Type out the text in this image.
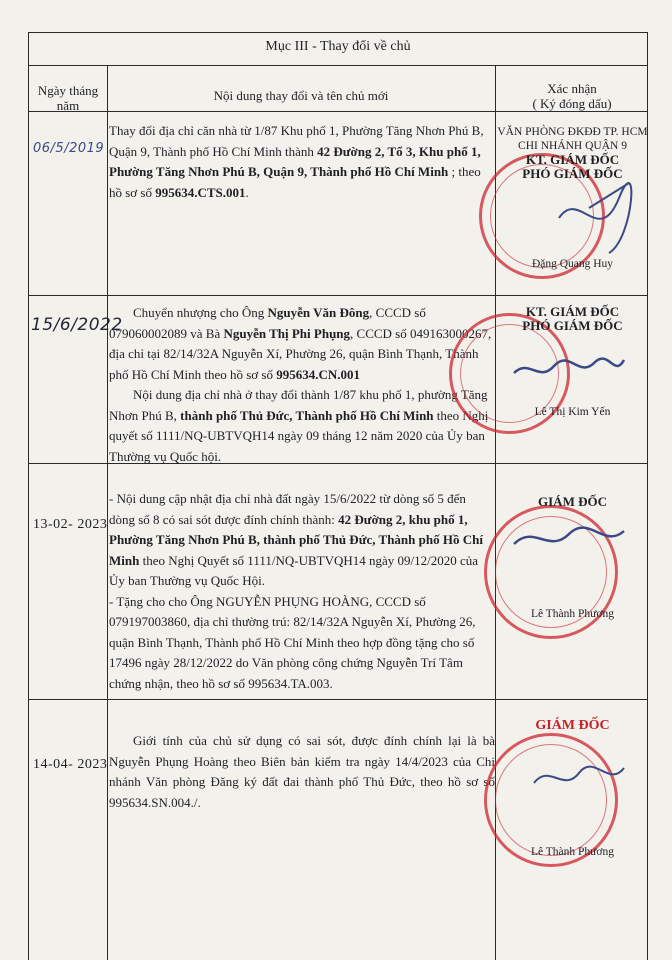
Mục III - Thay đổi về chủ
Ngày tháng
năm
Nội dung thay đổi và tên chủ mới	Xác nhận
( Ký đóng dấu)
06/5/2019

Thay đổi địa chỉ căn nhà từ 1/87 Khu phố 1, Phường Tăng Nhơn Phú B, Quận 9, Thành phố Hồ Chí Minh thành 42 Đường 2, Tổ 3, Khu phố 1, Phường Tăng Nhơn Phú B, Quận 9, Thành phố Hồ Chí Minh ; theo hồ sơ số 995634.CTS.001.

VĂN PHÒNG ĐKĐĐ TP. HCM
CHI NHÁNH QUẬN 9
KT. GIÁM ĐỐC
PHÓ GIÁM ĐỐC
Đặng Quang Huy
15/6/2022

Chuyển nhượng cho Ông Nguyễn Văn Đông, CCCD số 079060002089 và Bà Nguyễn Thị Phi Phụng, CCCD số 049163000267, địa chỉ tại 82/14/32A Nguyễn Xí, Phường 26, quận Bình Thạnh, Thành phố Hồ Chí Minh theo hồ sơ số 995634.CN.001

Nội dung địa chỉ nhà ở thay đổi thành 1/87 khu phố 1, phường Tăng Nhơn Phú B, thành phố Thủ Đức, Thành phố Hồ Chí Minh theo Nghị quyết số 1111/NQ-UBTVQH14 ngày 09 tháng 12 năm 2020 của Ủy ban Thường vụ Quốc hội.

KT. GIÁM ĐỐC
PHÓ GIÁM ĐỐC
Lê Thị Kim Yến
13-02- 2023

- Nội dung cập nhật địa chỉ nhà đất ngày 15/6/2022 từ dòng số 5 đến dòng số 8 có sai sót được đính chính thành: 42 Đường 2, khu phố 1, Phường Tăng Nhơn Phú B, thành phố Thủ Đức, Thành phố Hồ Chí Minh theo Nghị Quyết số 1111/NQ-UBTVQH14 ngày 09/12/2020 của Ủy ban Thường vụ Quốc Hội.

- Tặng cho cho Ông NGUYỄN PHỤNG HOÀNG, CCCD số 079197003860, địa chỉ thường trú: 82/14/32A Nguyễn Xí, Phường 26, quận Bình Thạnh, Thành phố Hồ Chí Minh theo hợp đồng tặng cho số 17496 ngày 28/12/2022 do Văn phòng công chứng Nguyễn Trí Tâm chứng nhận, theo hồ sơ số 995634.TA.003.

GIÁM ĐỐC
Lê Thành Phương
14-04- 2023

Giới tính của chủ sử dụng có sai sót, được đính chính lại là bà Nguyễn Phụng Hoàng theo Biên bản kiểm tra ngày 14/4/2023 của Chi nhánh Văn phòng Đăng ký đất đai thành phố Thủ Đức, theo hồ sơ số 995634.SN.004./.

GIÁM ĐỐC
Lê Thành Phương
